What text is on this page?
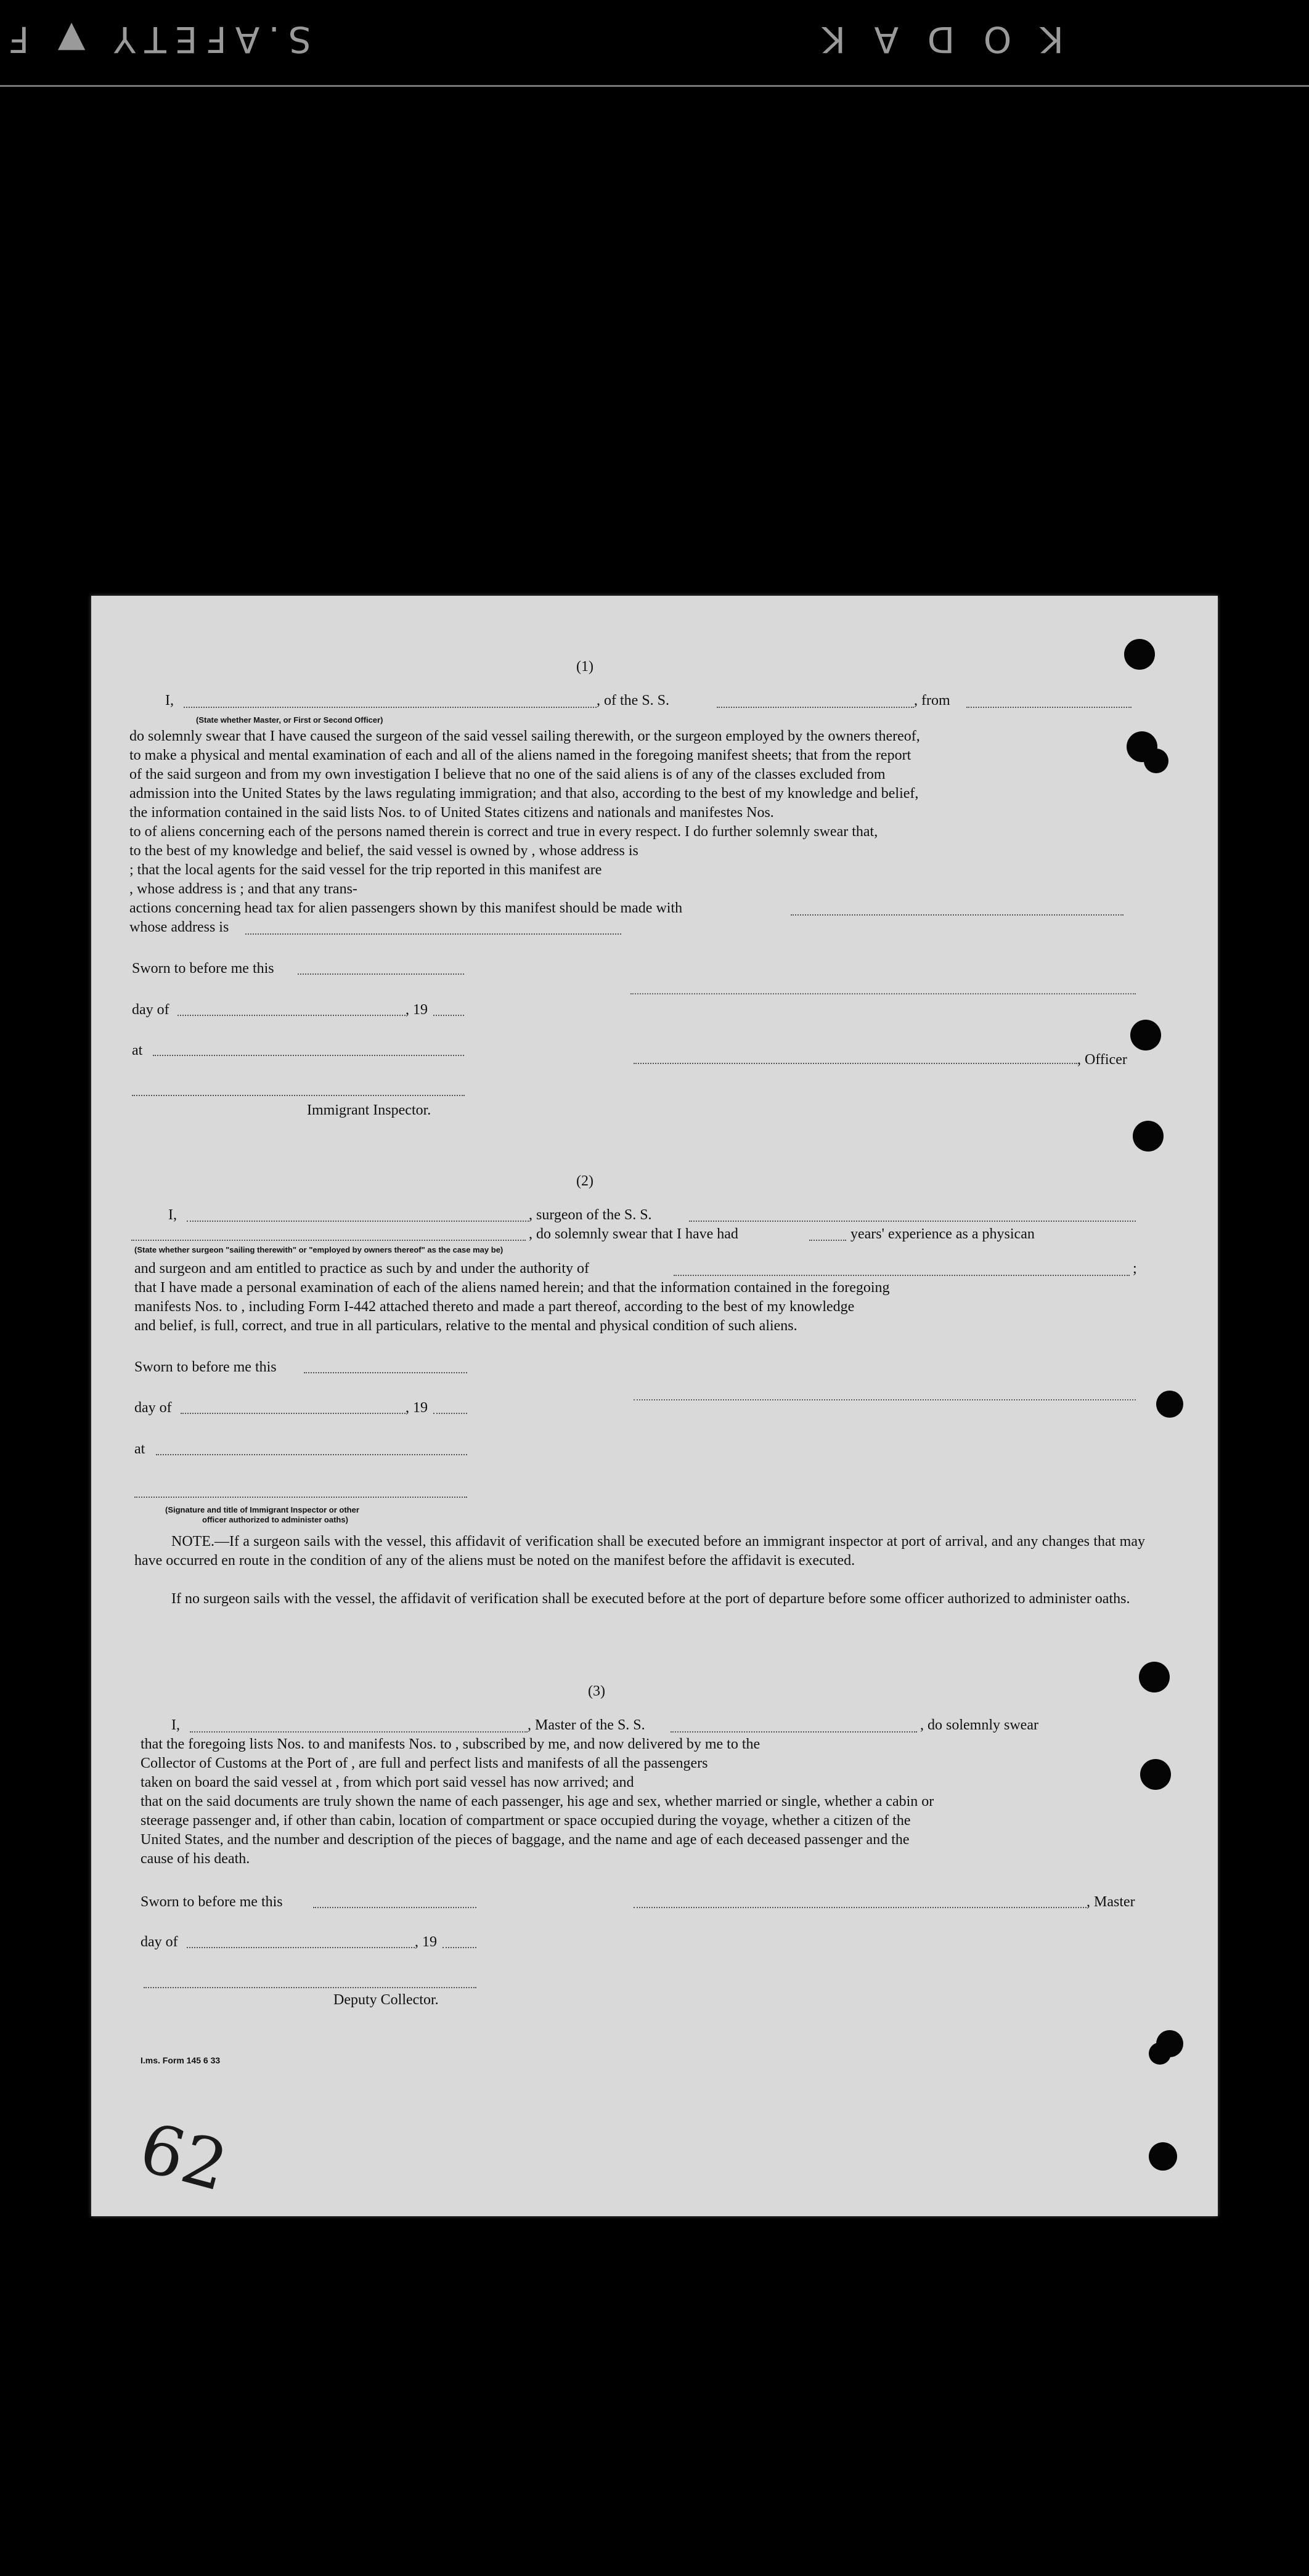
S.AFETY ▼ F	K O D A K
(1)
I,	, of the S. S.	, from
(State whether Master, or First or Second Officer)
do solemnly swear that I have caused the surgeon of the said vessel sailing therewith, or the surgeon employed by the owners thereof,
to make a physical and mental examination of each and all of the aliens named in the foregoing manifest sheets; that from the report
of the said surgeon and from my own investigation I believe that no one of the said aliens is of any of the classes excluded from
admission into the United States by the laws regulating immigration; and that also, according to the best of my knowledge and belief,
the information contained in the said lists Nos. to of United States citizens and nationals and manifestes Nos.
to of aliens concerning each of the persons named therein is correct and true in every respect. I do further solemnly swear that,
to the best of my knowledge and belief, the said vessel is owned by , whose address is
; that the local agents for the said vessel for the trip reported in this manifest are
, whose address is ; and that any trans-
actions concerning head tax for alien passengers shown by this manifest should be made with
whose address is
Sworn to before me this
day of	, 19
at
, Officer
Immigrant Inspector.
(2)
I,	, surgeon of the S. S.
, do solemnly swear that I have had	years' experience as a physican
(State whether surgeon "sailing therewith" or "employed by owners thereof" as the case may be)
and surgeon and am entitled to practice as such by and under the authority of	;
that I have made a personal examination of each of the aliens named herein; and that the information contained in the foregoing
manifests Nos. to , including Form I-442 attached thereto and made a part thereof, according to the best of my knowledge
and belief, is full, correct, and true in all particulars, relative to the mental and physical condition of such aliens.
Sworn to before me this
day of	, 19
at
(Signature and title of Immigrant Inspector or other
officer authorized to administer oaths)
NOTE.—If a surgeon sails with the vessel, this affidavit of verification shall be executed before an immigrant inspector at port of arrival, and any changes that may have occurred en route in the condition of any of the aliens must be noted on the manifest before the affidavit is executed.
If no surgeon sails with the vessel, the affidavit of verification shall be executed before at the port of departure before some officer authorized to administer oaths.
(3)
I,	, Master of the S. S.	, do solemnly swear
that the foregoing lists Nos. to and manifests Nos. to , subscribed by me, and now delivered by me to the
Collector of Customs at the Port of , are full and perfect lists and manifests of all the passengers
taken on board the said vessel at , from which port said vessel has now arrived; and
that on the said documents are truly shown the name of each passenger, his age and sex, whether married or single, whether a cabin or
steerage passenger and, if other than cabin, location of compartment or space occupied during the voyage, whether a citizen of the
United States, and the number and description of the pieces of baggage, and the name and age of each deceased passenger and the
cause of his death.
Sworn to before me this	, Master
day of	, 19
Deputy Collector.
I.ms. Form 145 6 33
62
